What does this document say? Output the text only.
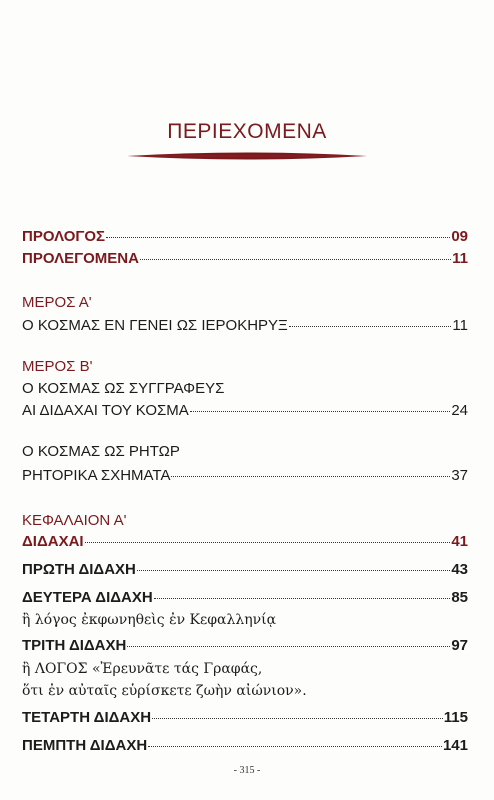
ΠΕΡΙΕΧΟΜΕΝΑ
ΠΡΟΛΟΓΟΣ	09
ΠΡΟΛΕΓΟΜΕΝΑ	11
ΜΕΡΟΣ Α'
Ο ΚΟΣΜΑΣ ΕΝ ΓΕΝΕΙ ΩΣ ΙΕΡΟΚΗΡΥΞ	11
ΜΕΡΟΣ Β'
Ο ΚΟΣΜΑΣ ΩΣ ΣΥΓΓΡΑΦΕΥΣ
ΑΙ ΔΙΔΑΧΑΙ ΤΟΥ ΚΟΣΜΑ	24
Ο ΚΟΣΜΑΣ ΩΣ ΡΗΤΩΡ
ΡΗΤΟΡΙΚΑ ΣΧΗΜΑΤΑ	37
ΚΕΦΑΛΑΙΟΝ Α'
ΔΙΔΑΧΑΙ	41
ΠΡΩΤΗ ΔΙΔΑΧΗ	43
ΔΕΥΤΕΡΑ ΔΙΔΑΧΗ	85
ἢ λόγος ἐκφωνηθεὶς ἐν Κεφαλληνίᾳ
ΤΡΙΤΗ ΔΙΔΑΧΗ	97
ἢ ΛΟΓΟΣ «Ἐρευνᾶτε τάς Γραφάς,
ὅτι ἐν αὐταῖς εὑρίσκετε ζωὴν αἰώνιον».
ΤΕΤΑΡΤΗ ΔΙΔΑΧΗ	115
ΠΕΜΠΤΗ ΔΙΔΑΧΗ	141
- 315 -
